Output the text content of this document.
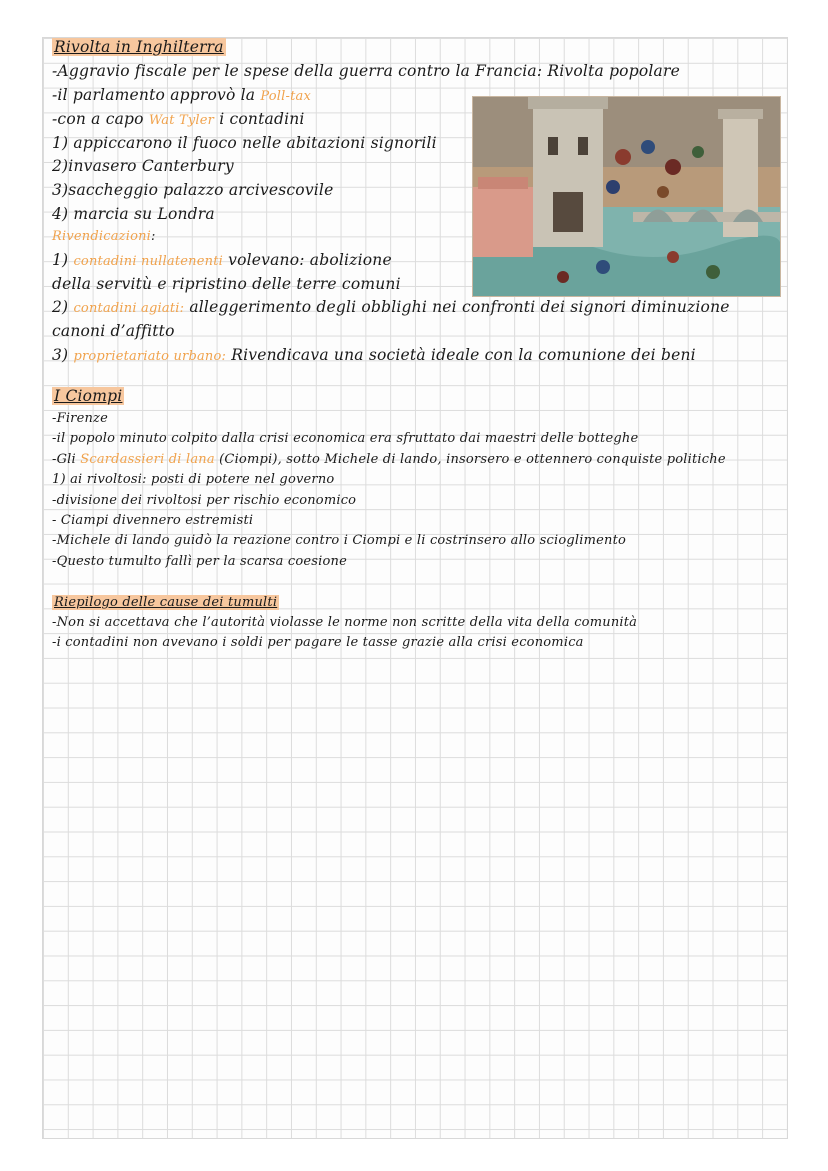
Rivolta in Inghilterra
-Aggravio fiscale per le spese della guerra contro la Francia: Rivolta popolare
-il parlamento approvò la Poll-tax
-con a capo Wat Tyler i contadini
1) appiccarono il fuoco nelle abitazioni signorili
2)invasero Canterbury
3)saccheggio palazzo arcivescovile
4) marcia su Londra
Rivendicazioni:
1) contadini nullatenenti volevano: abolizione
della servitù e ripristino delle terre comuni
2) contadini agiati: alleggerimento degli obblighi nei confronti dei signori diminuzione
canoni d’affitto
3) proprietariato urbano: Rivendicava una società ideale con la comunione dei beni
I Ciompi
-Firenze
-il popolo minuto colpito dalla crisi economica era sfruttato dai maestri delle botteghe
-Gli Scardassieri di lana (Ciompi), sotto Michele di lando, insorsero e ottennero conquiste politiche
1) ai rivoltosi: posti di potere nel governo
-divisione dei rivoltosi per rischio economico
- Ciampi divennero estremisti
-Michele di lando guidò la reazione contro i Ciompi e li costrinsero allo scioglimento
-Questo tumulto fallì per la scarsa coesione
Riepilogo delle cause dei tumulti
-Non si accettava che l’autorità violasse le norme non scritte della vita della comunità
-i contadini non avevano i soldi per pagare le tasse grazie alla crisi economica
